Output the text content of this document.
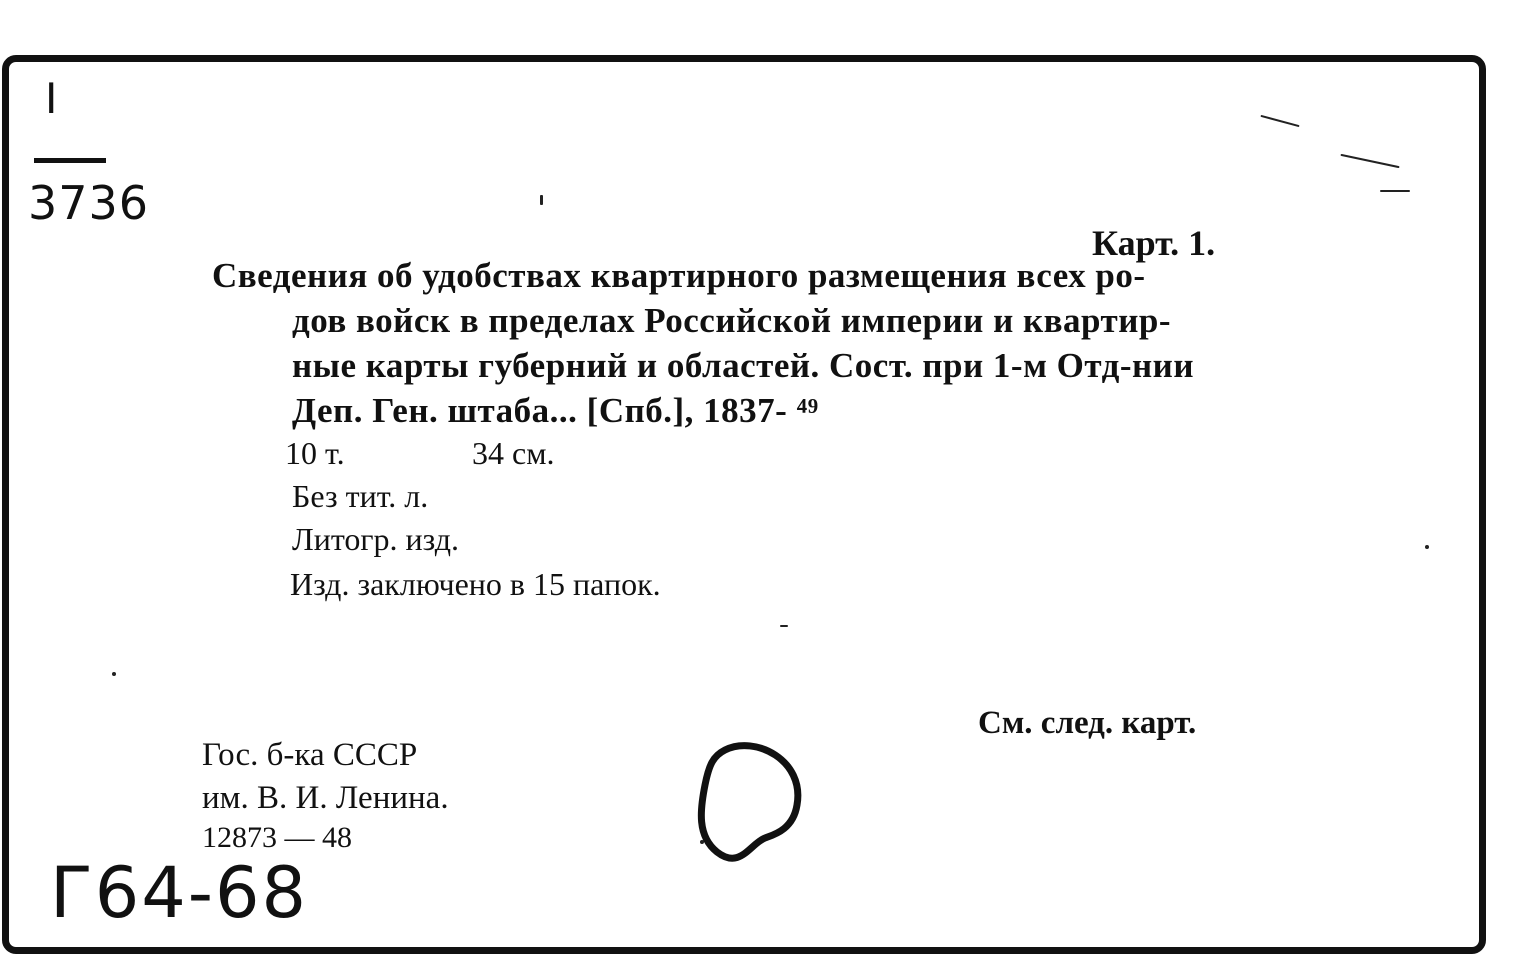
I
3736
Карт. 1.
Сведения об удобствах квартирного размещения всех ро-
дов войск в пределах Российской империи и квартир-
ные карты губерний и областей. Сост. при 1-м Отд-нии
Деп. Ген. штаба... [Спб.], 1837- ⁴⁹
10 т.	34 см.
Без тит. л.
Литогр. изд.
Изд. заключено в 15 папок.
См. след. карт.
Гос. б-ка СССР
им. В. И. Ленина.
12873 — 48
Г64-68
